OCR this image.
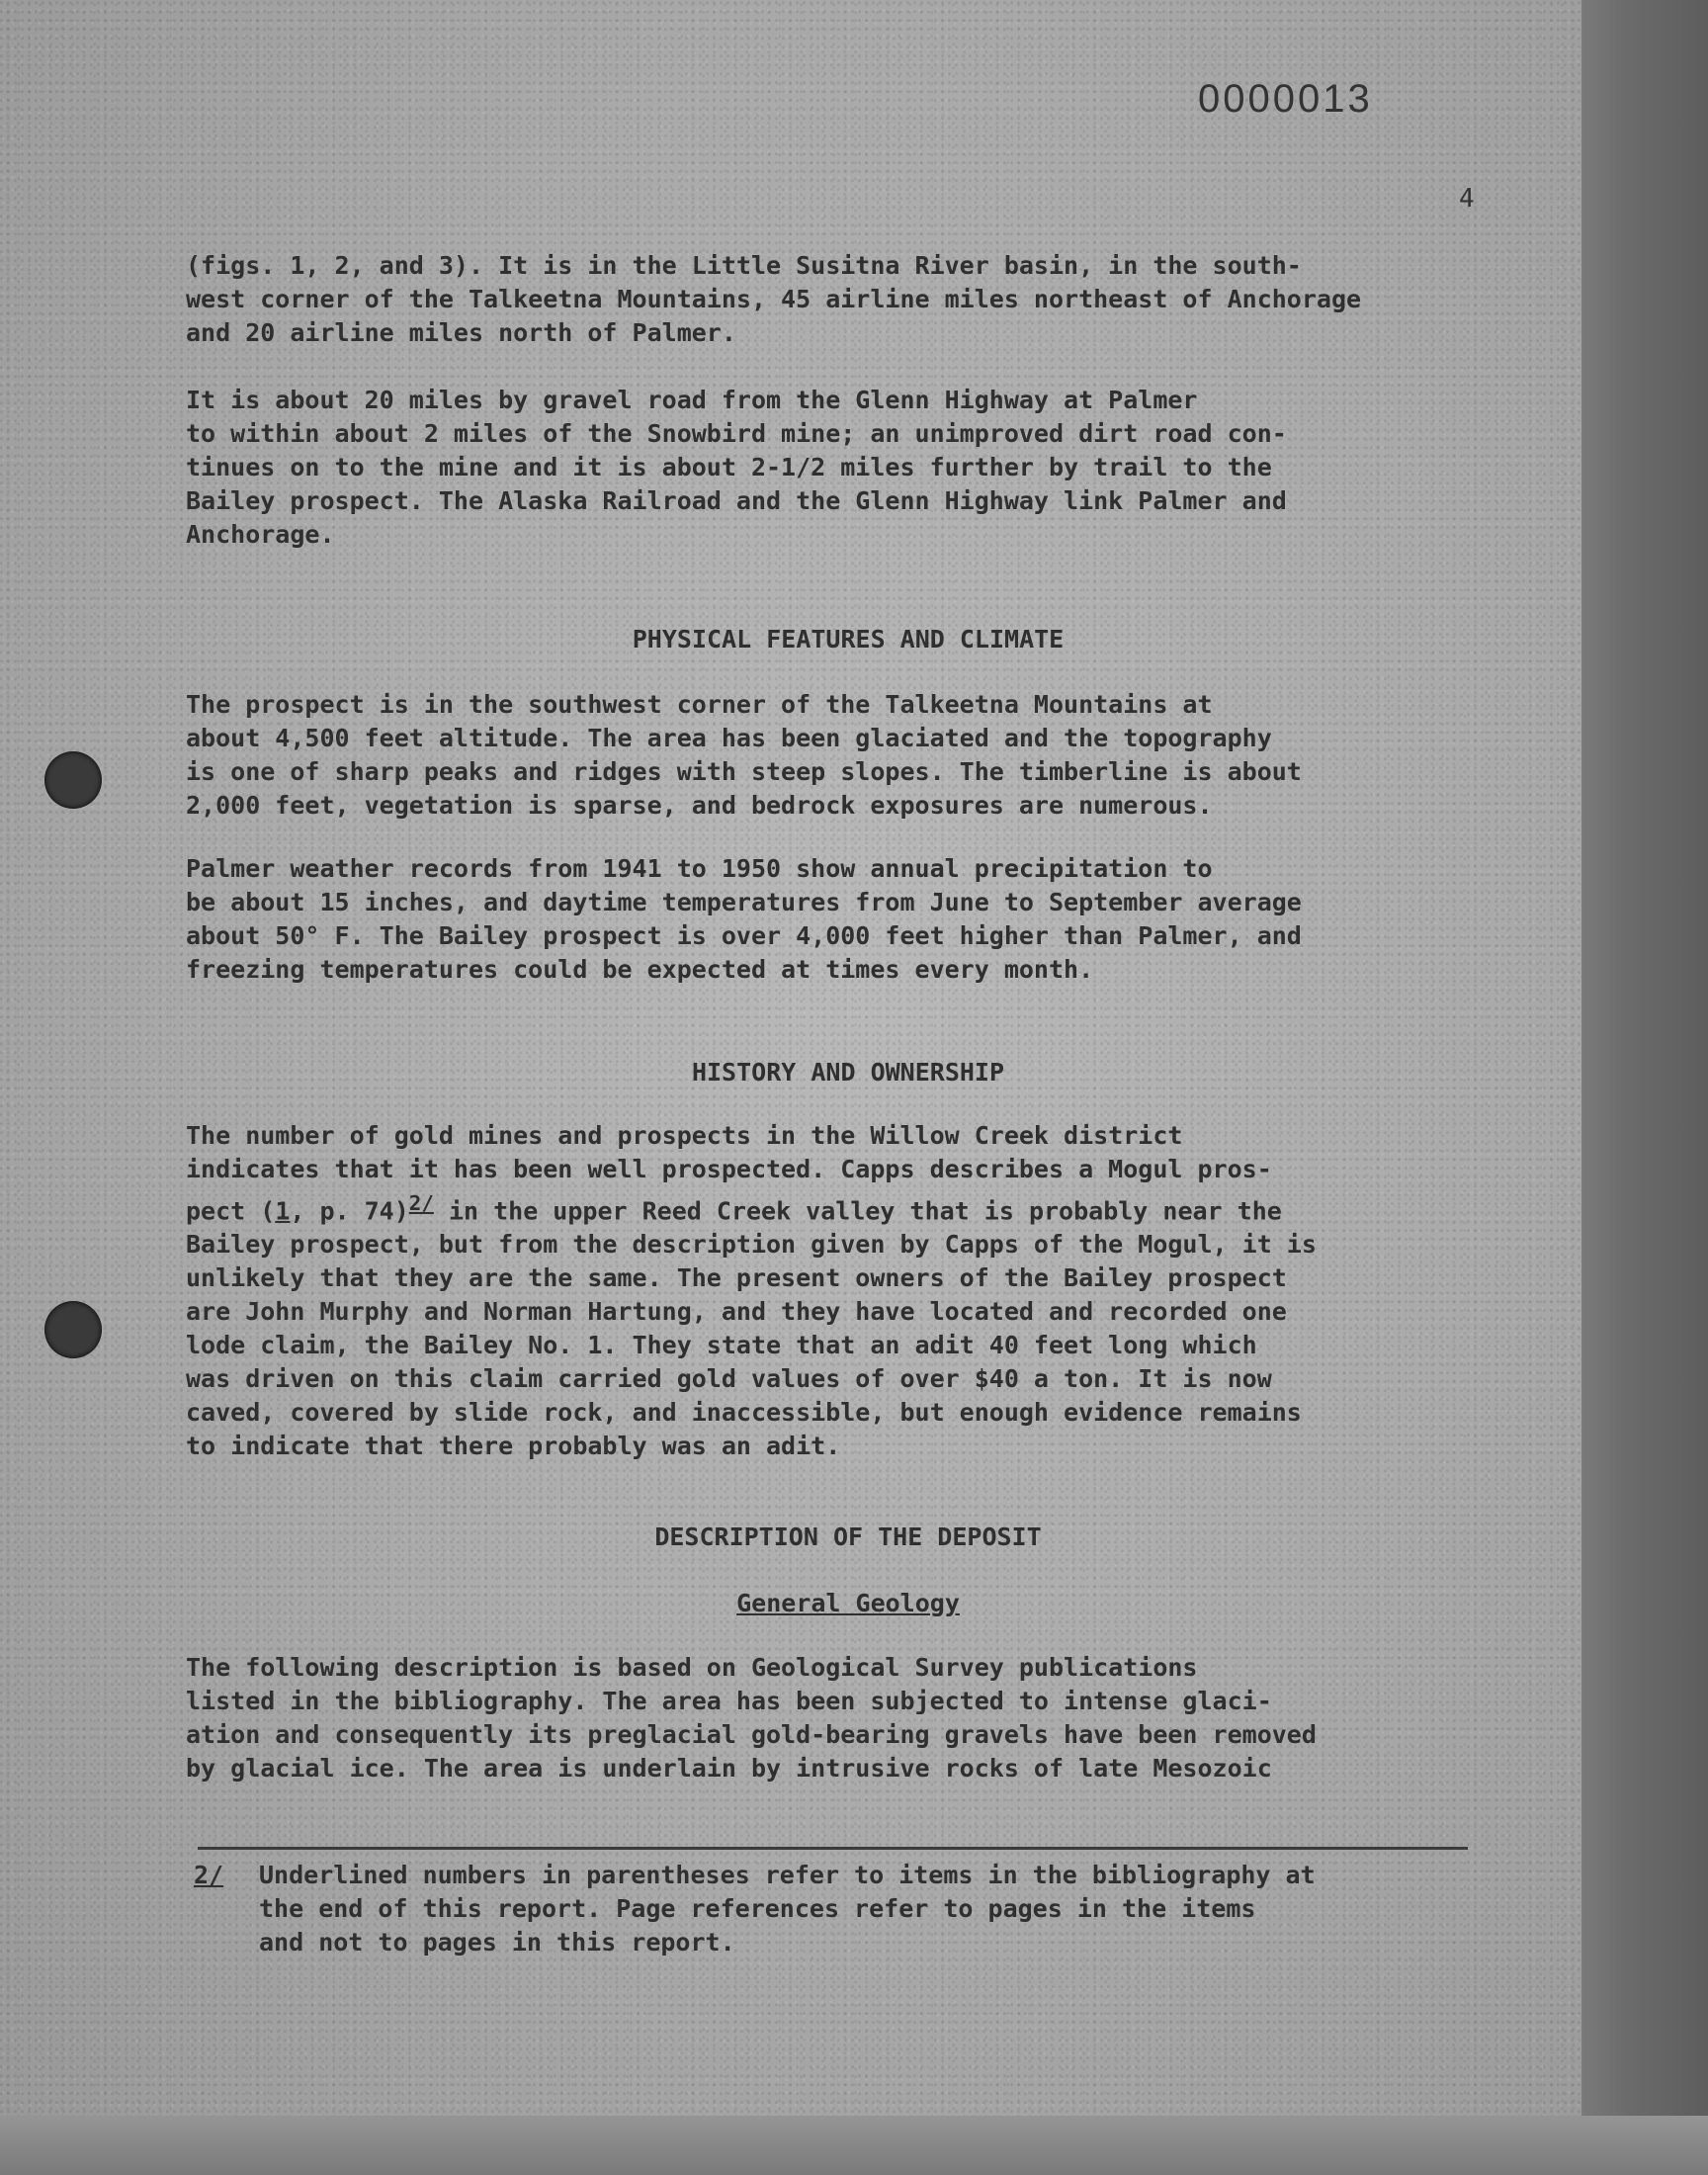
0000013
4

(figs. 1, 2, and 3). It is in the Little Susitna River basin, in the south-
west corner of the Talkeetna Mountains, 45 airline miles northeast of Anchorage
and 20 airline miles north of Palmer.

It is about 20 miles by gravel road from the Glenn Highway at Palmer
to within about 2 miles of the Snowbird mine; an unimproved dirt road con-
tinues on to the mine and it is about 2-1/2 miles further by trail to the
Bailey prospect. The Alaska Railroad and the Glenn Highway link Palmer and
Anchorage.

PHYSICAL FEATURES AND CLIMATE

The prospect is in the southwest corner of the Talkeetna Mountains at
about 4,500 feet altitude. The area has been glaciated and the topography
is one of sharp peaks and ridges with steep slopes. The timberline is about
2,000 feet, vegetation is sparse, and bedrock exposures are numerous.

Palmer weather records from 1941 to 1950 show annual precipitation to
be about 15 inches, and daytime temperatures from June to September average
about 50° F. The Bailey prospect is over 4,000 feet higher than Palmer, and
freezing temperatures could be expected at times every month.

HISTORY AND OWNERSHIP

The number of gold mines and prospects in the Willow Creek district
indicates that it has been well prospected. Capps describes a Mogul pros-
pect (1, p. 74)$^{2/}$ in the upper Reed Creek valley that is probably near the
Bailey prospect, but from the description given by Capps of the Mogul, it is
unlikely that they are the same. The present owners of the Bailey prospect
are John Murphy and Norman Hartung, and they have located and recorded one
lode claim, the Bailey No. 1. They state that an adit 40 feet long which
was driven on this claim carried gold values of over $40 a ton. It is now
caved, covered by slide rock, and inaccessible, but enough evidence remains
to indicate that there probably was an adit.

DESCRIPTION OF THE DEPOSIT

General Geology

The following description is based on Geological Survey publications
listed in the bibliography. The area has been subjected to intense glaci-
ation and consequently its preglacial gold-bearing gravels have been removed
by glacial ice. The area is underlain by intrusive rocks of late Mesozoic

2/ Underlined numbers in parentheses refer to items in the bibliography at
the end of this report. Page references refer to pages in the items
and not to pages in this report.
